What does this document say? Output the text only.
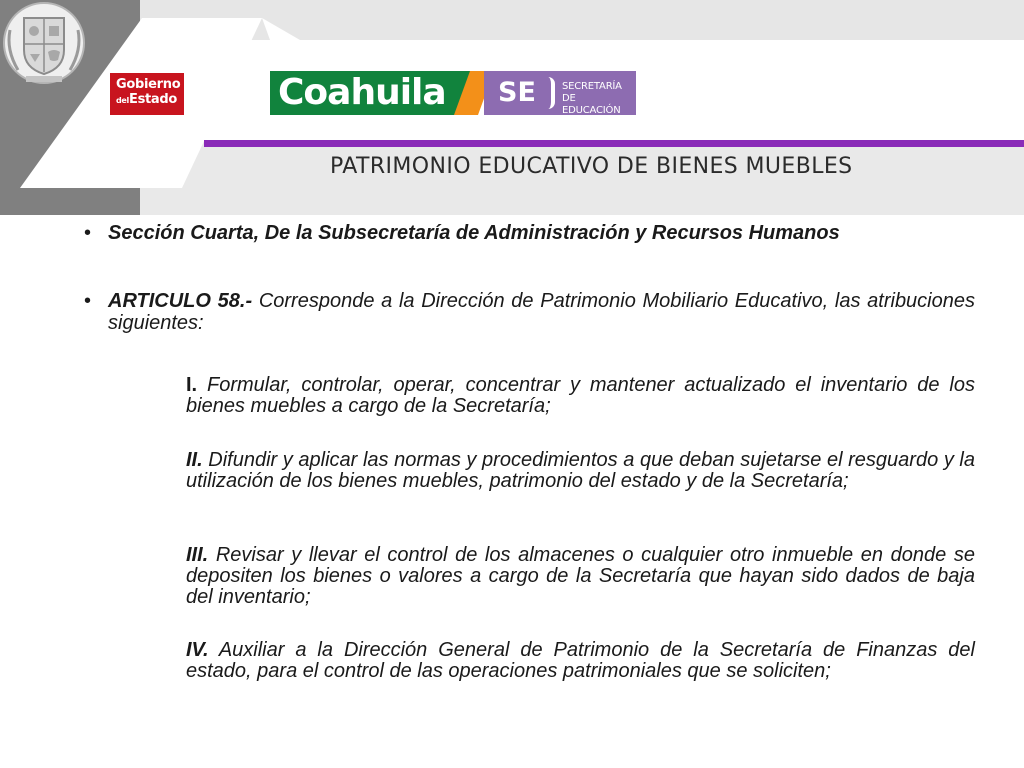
Gobierno
delEstado	Coahuila	SE	SECRETARÍA
DE EDUCACIÓN
PATRIMONIO EDUCATIVO DE BIENES MUEBLES
• Sección Cuarta, De la Subsecretaría de Administración y Recursos Humanos
• ARTICULO 58.- Corresponde a la Dirección de Patrimonio Mobiliario Educativo, las atribuciones siguientes:
I. Formular, controlar, operar, concentrar y mantener actualizado el inventario de los bienes muebles a cargo de la Secretaría;
II. Difundir y aplicar las normas y procedimientos a que deban sujetarse el resguardo y la utilización de los bienes muebles, patrimonio del estado y de la Secretaría;
III. Revisar y llevar el control de los almacenes o cualquier otro inmueble en donde se depositen los bienes o valores a cargo de la Secretaría que hayan sido dados de baja del inventario;
IV. Auxiliar a la Dirección General de Patrimonio de la Secretaría de Finanzas del estado, para el control de las operaciones patrimoniales que se soliciten;
